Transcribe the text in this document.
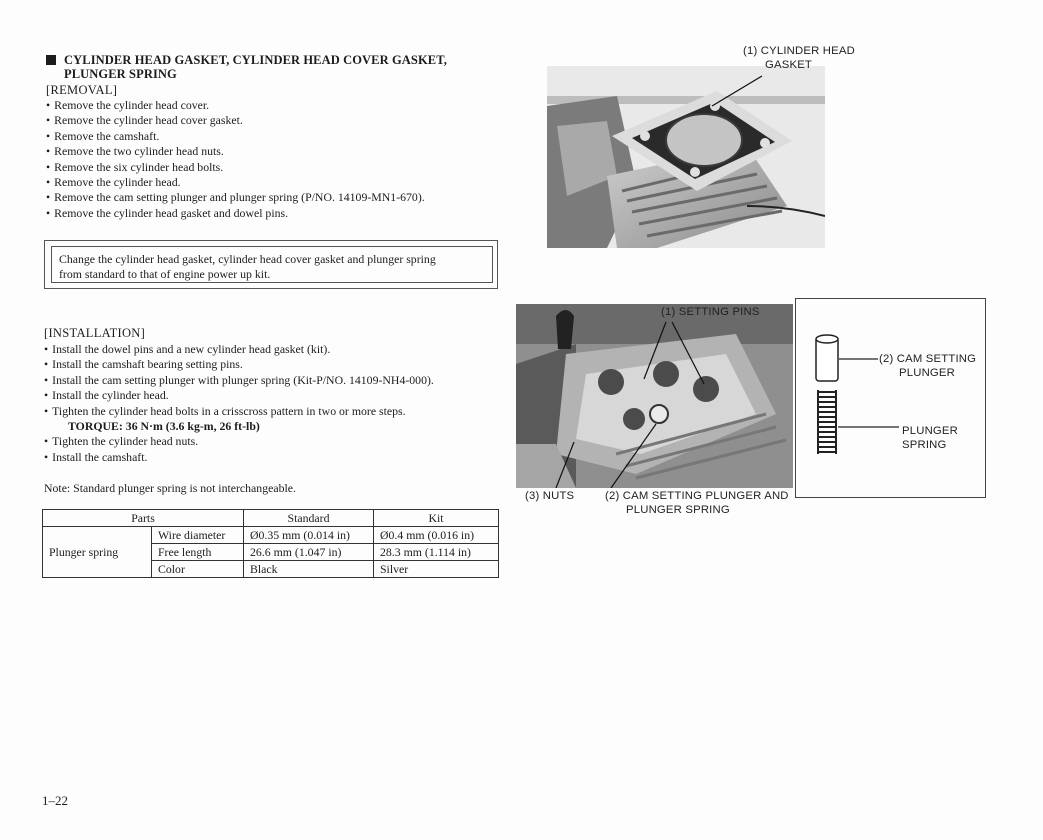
CYLINDER HEAD GASKET, CYLINDER HEAD COVER GASKET,
PLUNGER SPRING
[REMOVAL]
• Remove the cylinder head cover.
• Remove the cylinder head cover gasket.
• Remove the camshaft.
• Remove the two cylinder head nuts.
• Remove the six cylinder head bolts.
• Remove the cylinder head.
• Remove the cam setting plunger and plunger spring (P/NO. 14109-MN1-670).
• Remove the cylinder head gasket and dowel pins.
Change the cylinder head gasket, cylinder head cover gasket and plunger spring
from standard to that of engine power up kit.
[INSTALLATION]
• Install the dowel pins and a new cylinder head gasket (kit).
• Install the camshaft bearing setting pins.
• Install the cam setting plunger with plunger spring (Kit-P/NO. 14109-NH4-000).
• Install the cylinder head.
• Tighten the cylinder head bolts in a crisscross pattern in two or more steps.
TORQUE: 36 N·m (3.6 kg-m, 26 ft-lb)
• Tighten the cylinder head nuts.
• Install the camshaft.
Note: Standard plunger spring is not interchangeable.
Parts		Standard	Kit
Plunger spring	Wire diameter	Ø0.35 mm (0.014 in)	Ø0.4 mm (0.016 in)
	Free length	26.6 mm (1.047 in)	28.3 mm (1.114 in)
	Color	Black	Silver
1–22
(1) CYLINDER HEAD
GASKET
(1) SETTING PINS
(3) NUTS	(2) CAM SETTING PLUNGER AND
PLUNGER SPRING
(2) CAM SETTING
PLUNGER
PLUNGER
SPRING
